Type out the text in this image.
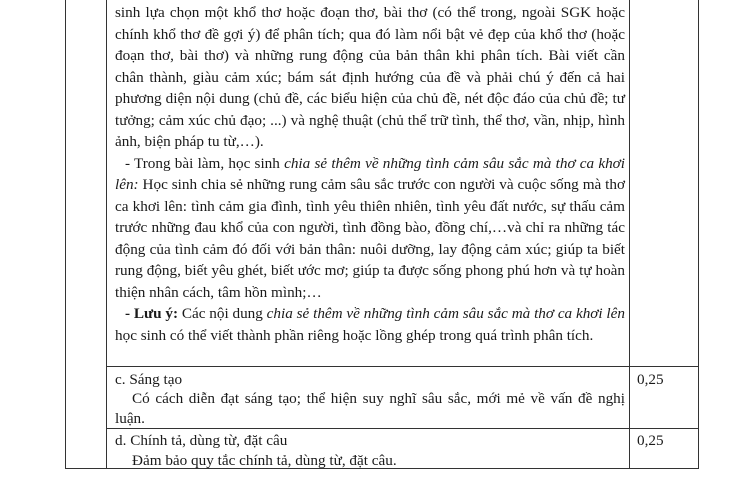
sinh lựa chọn một khổ thơ hoặc đoạn thơ, bài thơ (có thể trong, ngoài SGK hoặc chính khổ thơ đề gợi ý) để phân tích; qua đó làm nổi bật vẻ đẹp của khổ thơ (hoặc đoạn thơ, bài thơ) và những rung động của bản thân khi phân tích. Bài viết cần chân thành, giàu cảm xúc; bám sát định hướng của đề và phải chú ý đến cả hai phương diện nội dung (chủ đề, các biểu hiện của chủ đề, nét độc đáo của chủ đề; tư tưởng; cảm xúc chủ đạo; ...) và nghệ thuật (chủ thể trữ tình, thể thơ, vần, nhịp, hình ảnh, biện pháp tu từ,…).

- Trong bài làm, học sinh chia sẻ thêm về những tình cảm sâu sắc mà thơ ca khơi lên: Học sinh chia sẻ những rung cảm sâu sắc trước con người và cuộc sống mà thơ ca khơi lên: tình cảm gia đình, tình yêu thiên nhiên, tình yêu đất nước, sự thấu cảm trước những đau khổ của con người, tình đồng bào, đồng chí,…và chỉ ra những tác động của tình cảm đó đối với bản thân: nuôi dưỡng, lay động cảm xúc; giúp ta biết rung động, biết yêu ghét, biết ước mơ; giúp ta được sống phong phú hơn và tự hoàn thiện nhân cách, tâm hồn mình;…

- Lưu ý: Các nội dung chia sẻ thêm về những tình cảm sâu sắc mà thơ ca khơi lên học sinh có thể viết thành phần riêng hoặc lồng ghép trong quá trình phân tích.

c. Sáng tạo
Có cách diễn đạt sáng tạo; thể hiện suy nghĩ sâu sắc, mới mẻ về vấn đề nghị luận.
0,25
d. Chính tả, dùng từ, đặt câu
Đảm bảo quy tắc chính tả, dùng từ, đặt câu.
0,25
